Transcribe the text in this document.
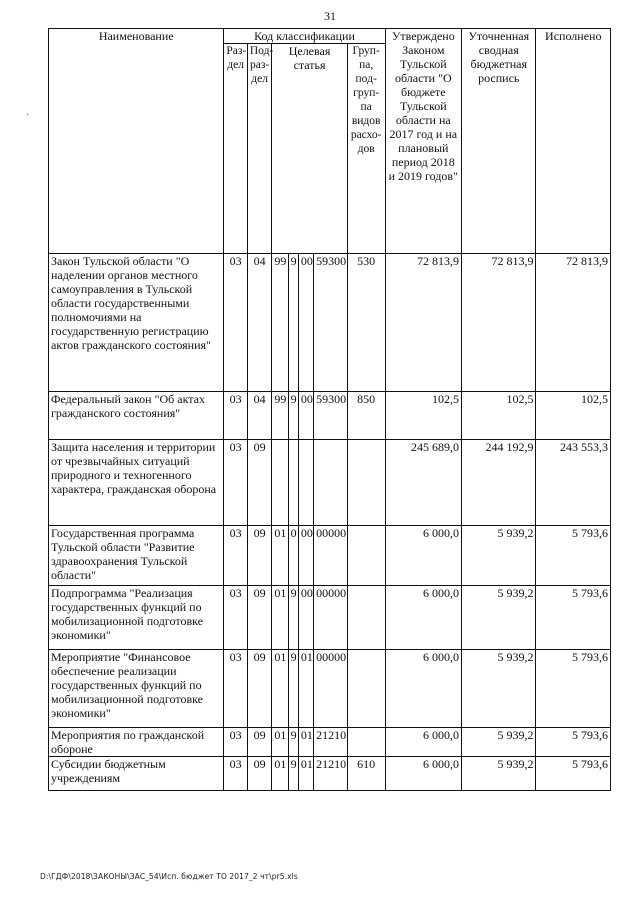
31
'
Наименование	Код классификации							Утверждено Законом Тульской области "О бюджете Тульской области на 2017 год и на плановый период 2018 и 2019 годов"	Уточненная сводная бюджетная роспись	Исполнено
	Раз-дел	Под-раз-дел	Целевая статья				Груп-па, под-груп-па видов расхо-дов			
Закон Тульской области "О наделении органов местного самоуправления в Тульской области государственными полномочиями на государственную регистрацию актов гражданского состояния"	03	04	99	9	00	59300	530	72 813,9	72 813,9	72 813,9
Федеральный закон "Об актах гражданского состояния"	03	04	99	9	00	59300	850	102,5	102,5	102,5
Защита населения и территории от чрезвычайных ситуаций природного и техногенного характера, гражданская оборона	03	09						245 689,0	244 192,9	243 553,3
Государственная программа Тульской области "Развитие здравоохранения Тульской области"	03	09	01	0	00	00000		6 000,0	5 939,2	5 793,6
Подпрограмма "Реализация государственных функций по мобилизационной подготовке экономики"	03	09	01	9	00	00000		6 000,0	5 939,2	5 793,6
Мероприятие "Финансовое обеспечение реализации государственных функций по мобилизационной подготовке экономики"	03	09	01	9	01	00000		6 000,0	5 939,2	5 793,6
Мероприятия по гражданской обороне	03	09	01	9	01	21210		6 000,0	5 939,2	5 793,6
Субсидии бюджетным учреждениям	03	09	01	9	01	21210	610	6 000,0	5 939,2	5 793,6
D:\ГДФ\2018\ЗАКОНЫ\ЗАС_54\Исп. бюджет ТО 2017_2 чт\pr5.xls
